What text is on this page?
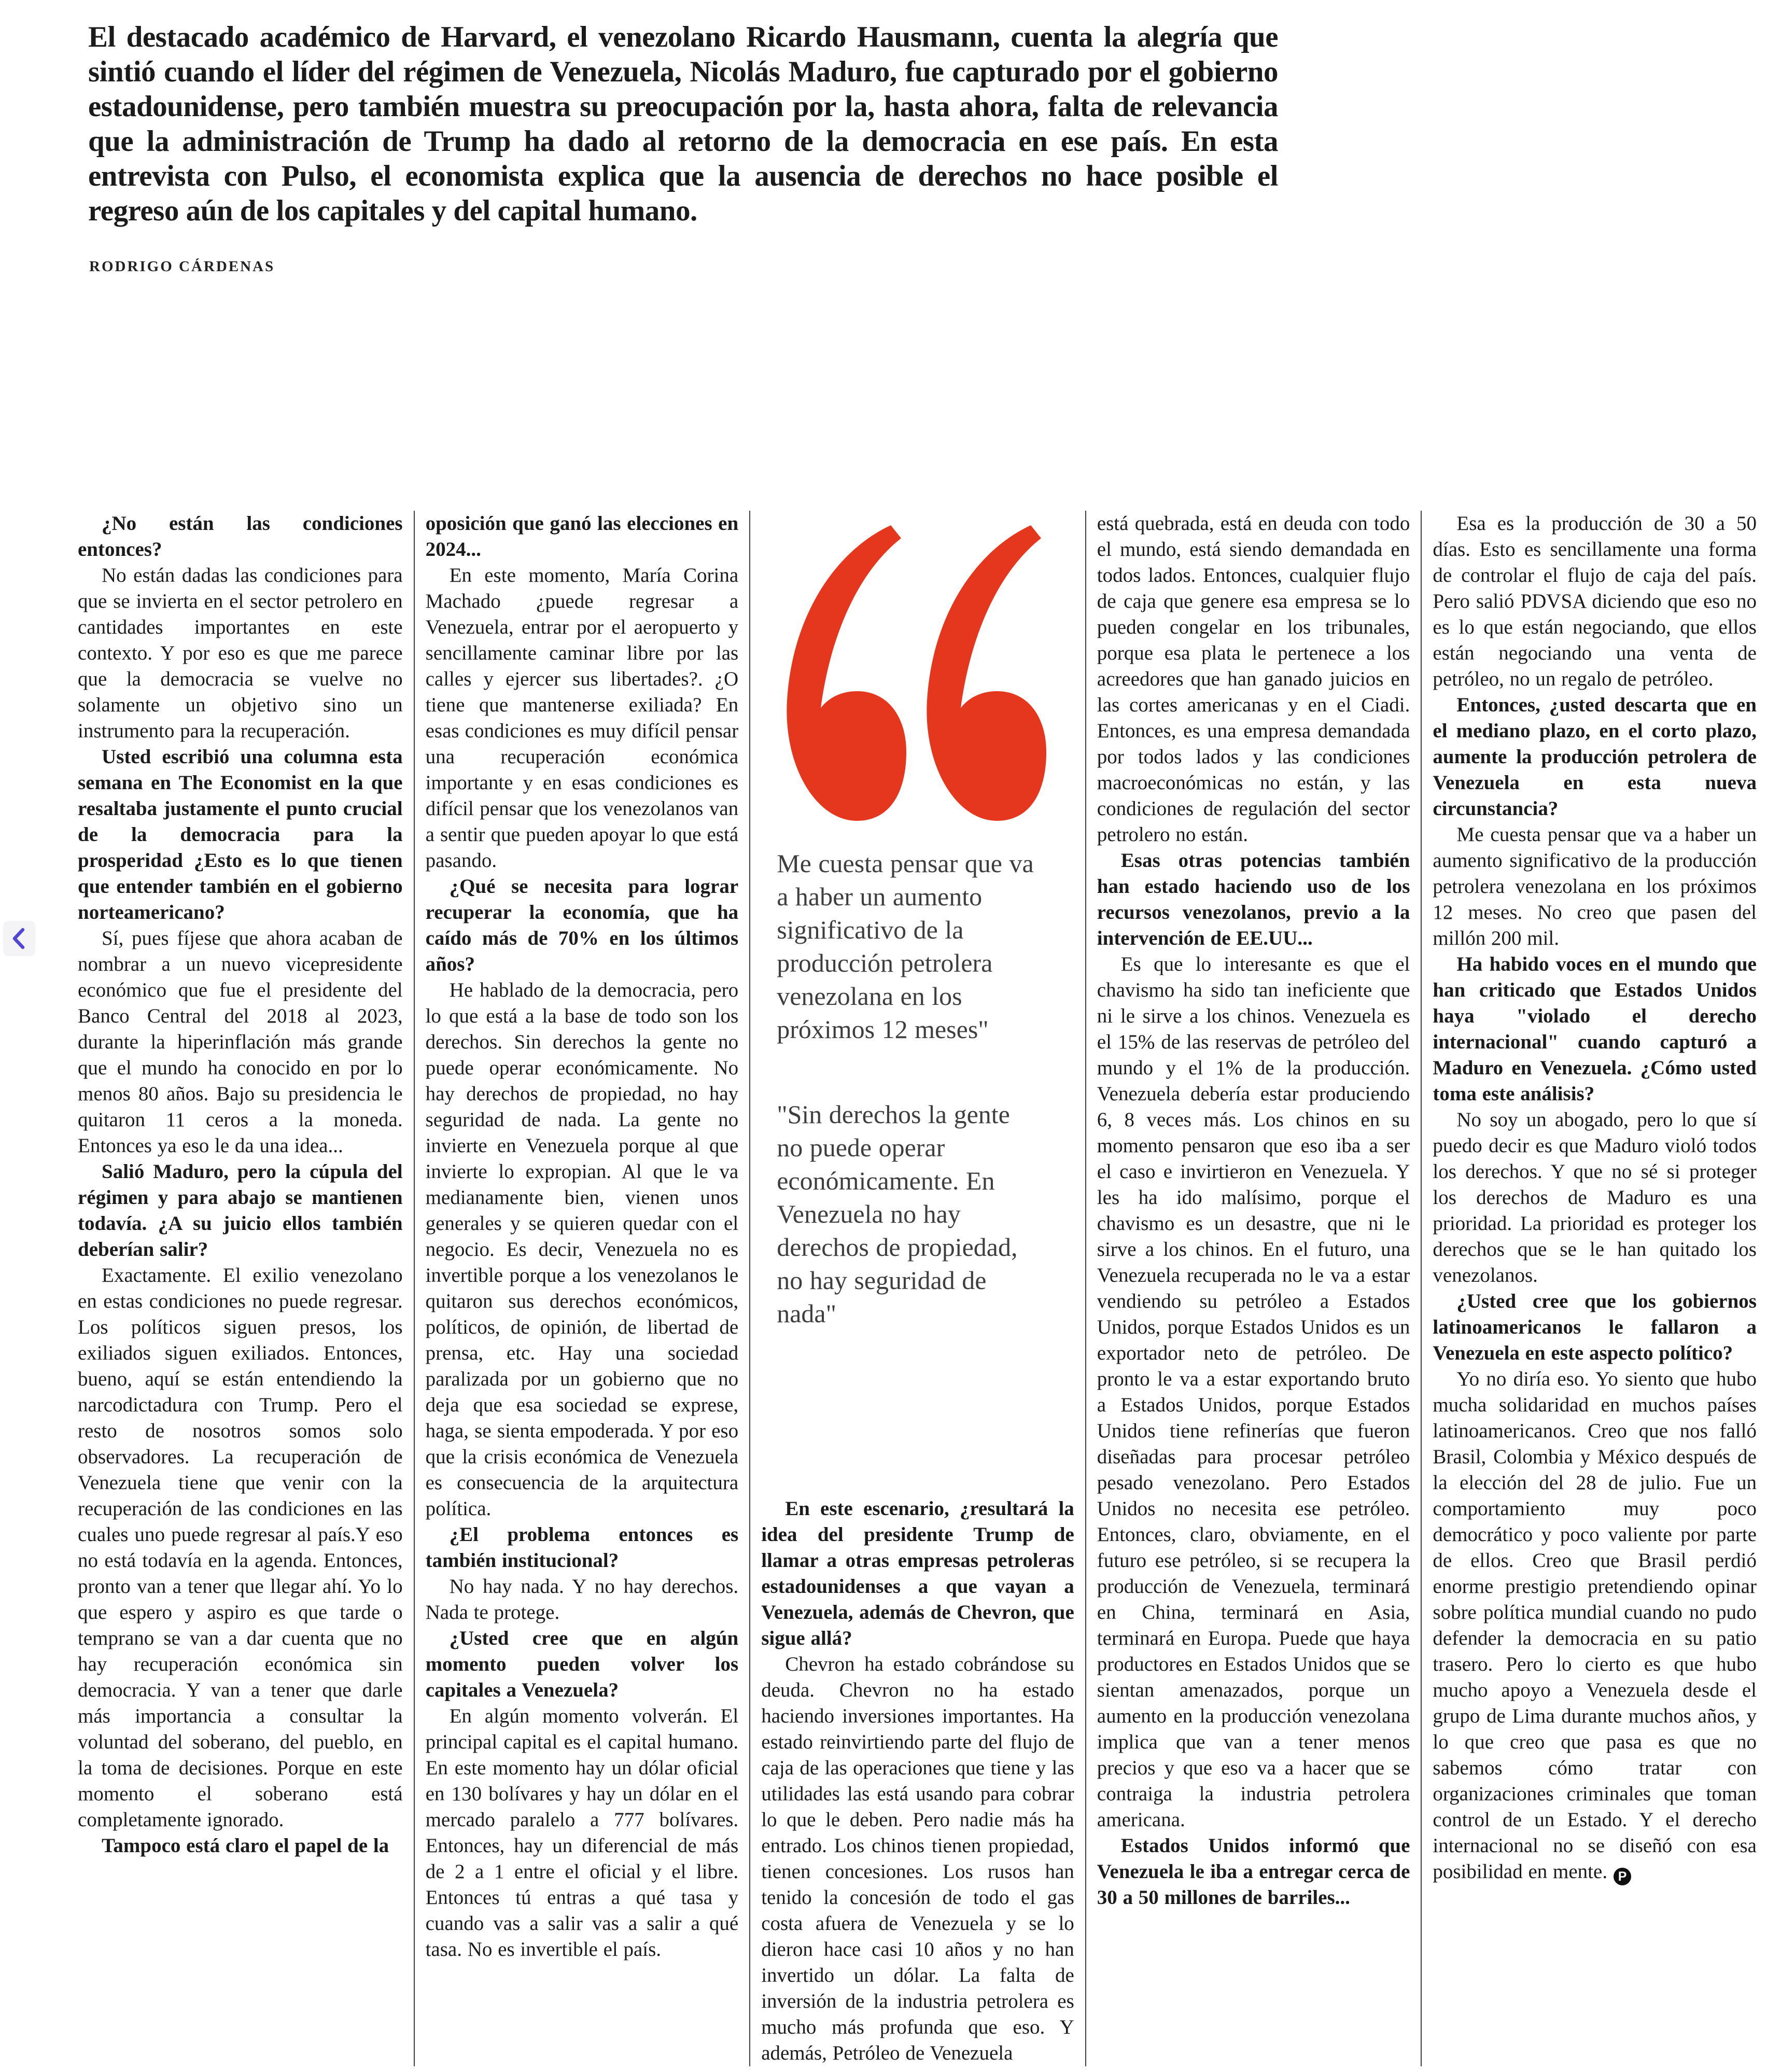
El destacado académico de Harvard, el venezolano Ricardo Hausmann, cuenta la alegría que sintió cuando el líder del régimen de Venezuela, Nicolás Maduro, fue capturado por el gobierno estadounidense, pero también muestra su preocupación por la, hasta ahora, falta de relevancia que la administración de Trump ha dado al retorno de la democracia en ese país. En esta entrevista con Pulso, el economista explica que la ausencia de derechos no hace posible el regreso aún de los capitales y del capital humano.
RODRIGO CÁRDENAS

¿No están las condiciones entonces?

No están dadas las condiciones para que se invierta en el sector petrolero en cantidades importantes en este contexto. Y por eso es que me parece que la democracia se vuelve no solamente un objetivo sino un instrumento para la recuperación.

Usted escribió una columna esta semana en The Economist en la que resaltaba justamente el punto crucial de la democracia para la prosperidad ¿Esto es lo que tienen que entender también en el gobierno norteamericano?

Sí, pues fíjese que ahora acaban de nombrar a un nuevo vicepresidente económico que fue el presidente del Banco Central del 2018 al 2023, durante la hiperinflación más grande que el mundo ha conocido en por lo menos 80 años. Bajo su presidencia le quitaron 11 ceros a la moneda. Entonces ya eso le da una idea...

Salió Maduro, pero la cúpula del régimen y para abajo se mantienen todavía. ¿A su juicio ellos también deberían salir?

Exactamente. El exilio venezolano en estas condiciones no puede regresar. Los políticos siguen presos, los exiliados siguen exiliados. Entonces, bueno, aquí se están entendiendo la narcodictadura con Trump. Pero el resto de nosotros somos solo observadores. La recuperación de Venezuela tiene que venir con la recuperación de las condiciones en las cuales uno puede regresar al país.Y eso no está todavía en la agenda. Entonces, pronto van a tener que llegar ahí. Yo lo que espero y aspiro es que tarde o temprano se van a dar cuenta que no hay recuperación económica sin democracia. Y van a tener que darle más importancia a consultar la voluntad del soberano, del pueblo, en la toma de decisiones. Porque en este momento el soberano está completamente ignorado.

Tampoco está claro el papel de la

oposición que ganó las elecciones en 2024...

En este momento, María Corina Machado ¿puede regresar a Venezuela, entrar por el aeropuerto y sencillamente caminar libre por las calles y ejercer sus libertades?. ¿O tiene que mantenerse exiliada? En esas condiciones es muy difícil pensar una recuperación económica importante y en esas condiciones es difícil pensar que los venezolanos van a sentir que pueden apoyar lo que está pasando.

¿Qué se necesita para lograr recuperar la economía, que ha caído más de 70% en los últimos años?

He hablado de la democracia, pero lo que está a la base de todo son los derechos. Sin derechos la gente no puede operar económicamente. No hay derechos de propiedad, no hay seguridad de nada. La gente no invierte en Venezuela porque al que invierte lo expropian. Al que le va medianamente bien, vienen unos generales y se quieren quedar con el negocio. Es decir, Venezuela no es invertible porque a los venezolanos le quitaron sus derechos económicos, políticos, de opinión, de libertad de prensa, etc. Hay una sociedad paralizada por un gobierno que no deja que esa sociedad se exprese, haga, se sienta empoderada. Y por eso que la crisis económica de Venezuela es consecuencia de la arquitectura política.

¿El problema entonces es también institucional?

No hay nada. Y no hay derechos. Nada te protege.

¿Usted cree que en algún momento pueden volver los capitales a Venezuela?

En algún momento volverán. El principal capital es el capital humano. En este momento hay un dólar oficial en 130 bolívares y hay un dólar en el mercado paralelo a 777 bolívares. Entonces, hay un diferencial de más de 2 a 1 entre el oficial y el libre. Entonces tú entras a qué tasa y cuando vas a salir vas a salir a qué tasa. No es invertible el país.

Me cuesta pensar que va a haber un aumento significativo de la producción petrolera venezolana en los próximos 12 meses"

"Sin derechos la gente no puede operar económicamente. En Venezuela no hay derechos de propiedad, no hay seguridad de nada"

En este escenario, ¿resultará la idea del presidente Trump de llamar a otras empresas petroleras estadounidenses a que vayan a Venezuela, además de Chevron, que sigue allá?

Chevron ha estado cobrándose su deuda. Chevron no ha estado haciendo inversiones importantes. Ha estado reinvirtiendo parte del flujo de caja de las operaciones que tiene y las utilidades las está usando para cobrar lo que le deben. Pero nadie más ha entrado. Los chinos tienen propiedad, tienen concesiones. Los rusos han tenido la concesión de todo el gas costa afuera de Venezuela y se lo dieron hace casi 10 años y no han invertido un dólar. La falta de inversión de la industria petrolera es mucho más profunda que eso. Y además, Petróleo de Venezuela

está quebrada, está en deuda con todo el mundo, está siendo demandada en todos lados. Entonces, cualquier flujo de caja que genere esa empresa se lo pueden congelar en los tribunales, porque esa plata le pertenece a los acreedores que han ganado juicios en las cortes americanas y en el Ciadi. Entonces, es una empresa demandada por todos lados y las condiciones macroeconómicas no están, y las condiciones de regulación del sector petrolero no están.

Esas otras potencias también han estado haciendo uso de los recursos venezolanos, previo a la intervención de EE.UU...

Es que lo interesante es que el chavismo ha sido tan ineficiente que ni le sirve a los chinos. Venezuela es el 15% de las reservas de petróleo del mundo y el 1% de la producción. Venezuela debería estar produciendo 6, 8 veces más. Los chinos en su momento pensaron que eso iba a ser el caso e invirtieron en Venezuela. Y les ha ido malísimo, porque el chavismo es un desastre, que ni le sirve a los chinos. En el futuro, una Venezuela recuperada no le va a estar vendiendo su petróleo a Estados Unidos, porque Estados Unidos es un exportador neto de petróleo. De pronto le va a estar exportando bruto a Estados Unidos, porque Estados Unidos tiene refinerías que fueron diseñadas para procesar petróleo pesado venezolano. Pero Estados Unidos no necesita ese petróleo. Entonces, claro, obviamente, en el futuro ese petróleo, si se recupera la producción de Venezuela, terminará en China, terminará en Asia, terminará en Europa. Puede que haya productores en Estados Unidos que se sientan amenazados, porque un aumento en la producción venezolana implica que van a tener menos precios y que eso va a hacer que se contraiga la industria petrolera americana.

Estados Unidos informó que Venezuela le iba a entregar cerca de 30 a 50 millones de barriles...

Esa es la producción de 30 a 50 días. Esto es sencillamente una forma de controlar el flujo de caja del país. Pero salió PDVSA diciendo que eso no es lo que están negociando, que ellos están negociando una venta de petróleo, no un regalo de petróleo.

Entonces, ¿usted descarta que en el mediano plazo, en el corto plazo, aumente la producción petrolera de Venezuela en esta nueva circunstancia?

Me cuesta pensar que va a haber un aumento significativo de la producción petrolera venezolana en los próximos 12 meses. No creo que pasen del millón 200 mil.

Ha habido voces en el mundo que han criticado que Estados Unidos haya "violado el derecho internacional" cuando capturó a Maduro en Venezuela. ¿Cómo usted toma este análisis?

No soy un abogado, pero lo que sí puedo decir es que Maduro violó todos los derechos. Y que no sé si proteger los derechos de Maduro es una prioridad. La prioridad es proteger los derechos que se le han quitado los venezolanos.

¿Usted cree que los gobiernos latinoamericanos le fallaron a Venezuela en este aspecto político?

Yo no diría eso. Yo siento que hubo mucha solidaridad en muchos países latinoamericanos. Creo que nos falló Brasil, Colombia y México después de la elección del 28 de julio. Fue un comportamiento muy poco democrático y poco valiente por parte de ellos. Creo que Brasil perdió enorme prestigio pretendiendo opinar sobre política mundial cuando no pudo defender la democracia en su patio trasero. Pero lo cierto es que hubo mucho apoyo a Venezuela desde el grupo de Lima durante muchos años, y lo que creo que pasa es que no sabemos cómo tratar con organizaciones criminales que toman control de un Estado. Y el derecho internacional no se diseñó con esa posibilidad en mente. P
